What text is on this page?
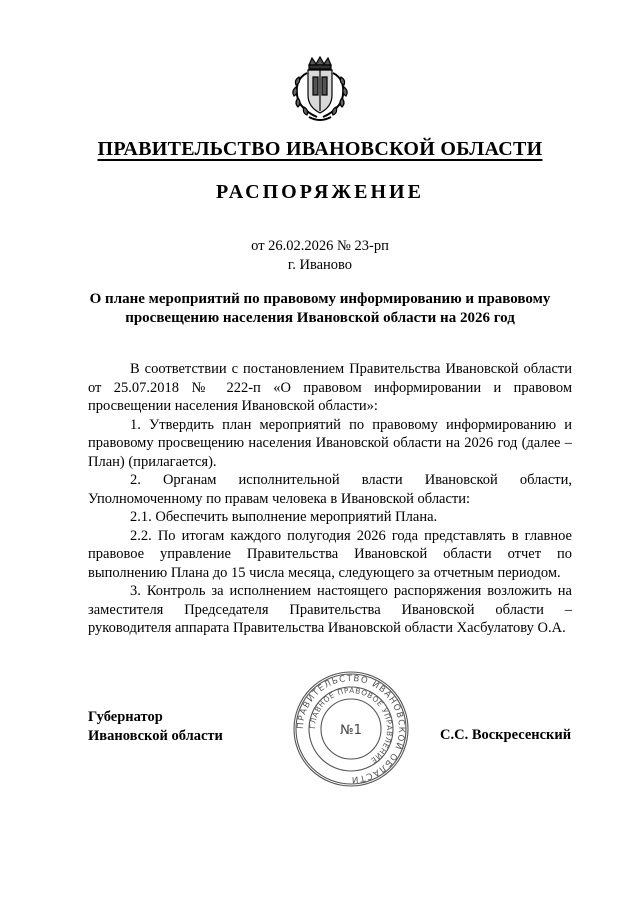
ПРАВИТЕЛЬСТВО ИВАНОВСКОЙ ОБЛАСТИ
РАСПОРЯЖЕНИЕ
от 26.02.2026 № 23-рп
г. Иваново
О плане мероприятий по правовому информированию и правовому
просвещению населения Ивановской области на 2026 год

В соответствии с постановлением Правительства Ивановской области от 25.07.2018 № 222-п «О правовом информировании и правовом просвещении населения Ивановской области»:

1. Утвердить план мероприятий по правовому информированию и правовому просвещению населения Ивановской области на 2026 год (далее – План) (прилагается).

2. Органам исполнительной власти Ивановской области, Уполномоченному по правам человека в Ивановской области:

2.1. Обеспечить выполнение мероприятий Плана.

2.2. По итогам каждого полугодия 2026 года представлять в главное правовое управление Правительства Ивановской области отчет по выполнению Плана до 15 числа месяца, следующего за отчетным периодом.

3. Контроль за исполнением настоящего распоряжения возложить на заместителя Председателя Правительства Ивановской области – руководителя аппарата Правительства Ивановской области Хасбулатову О.А.

Губернатор
Ивановской области
ПРАВИТЕЛЬСТВО ИВАНОВСКОЙ ОБЛАСТИ
ГЛАВНОЕ ПРАВОВОЕ УПРАВЛЕНИЕ
№1	С.С. Воскресенский
